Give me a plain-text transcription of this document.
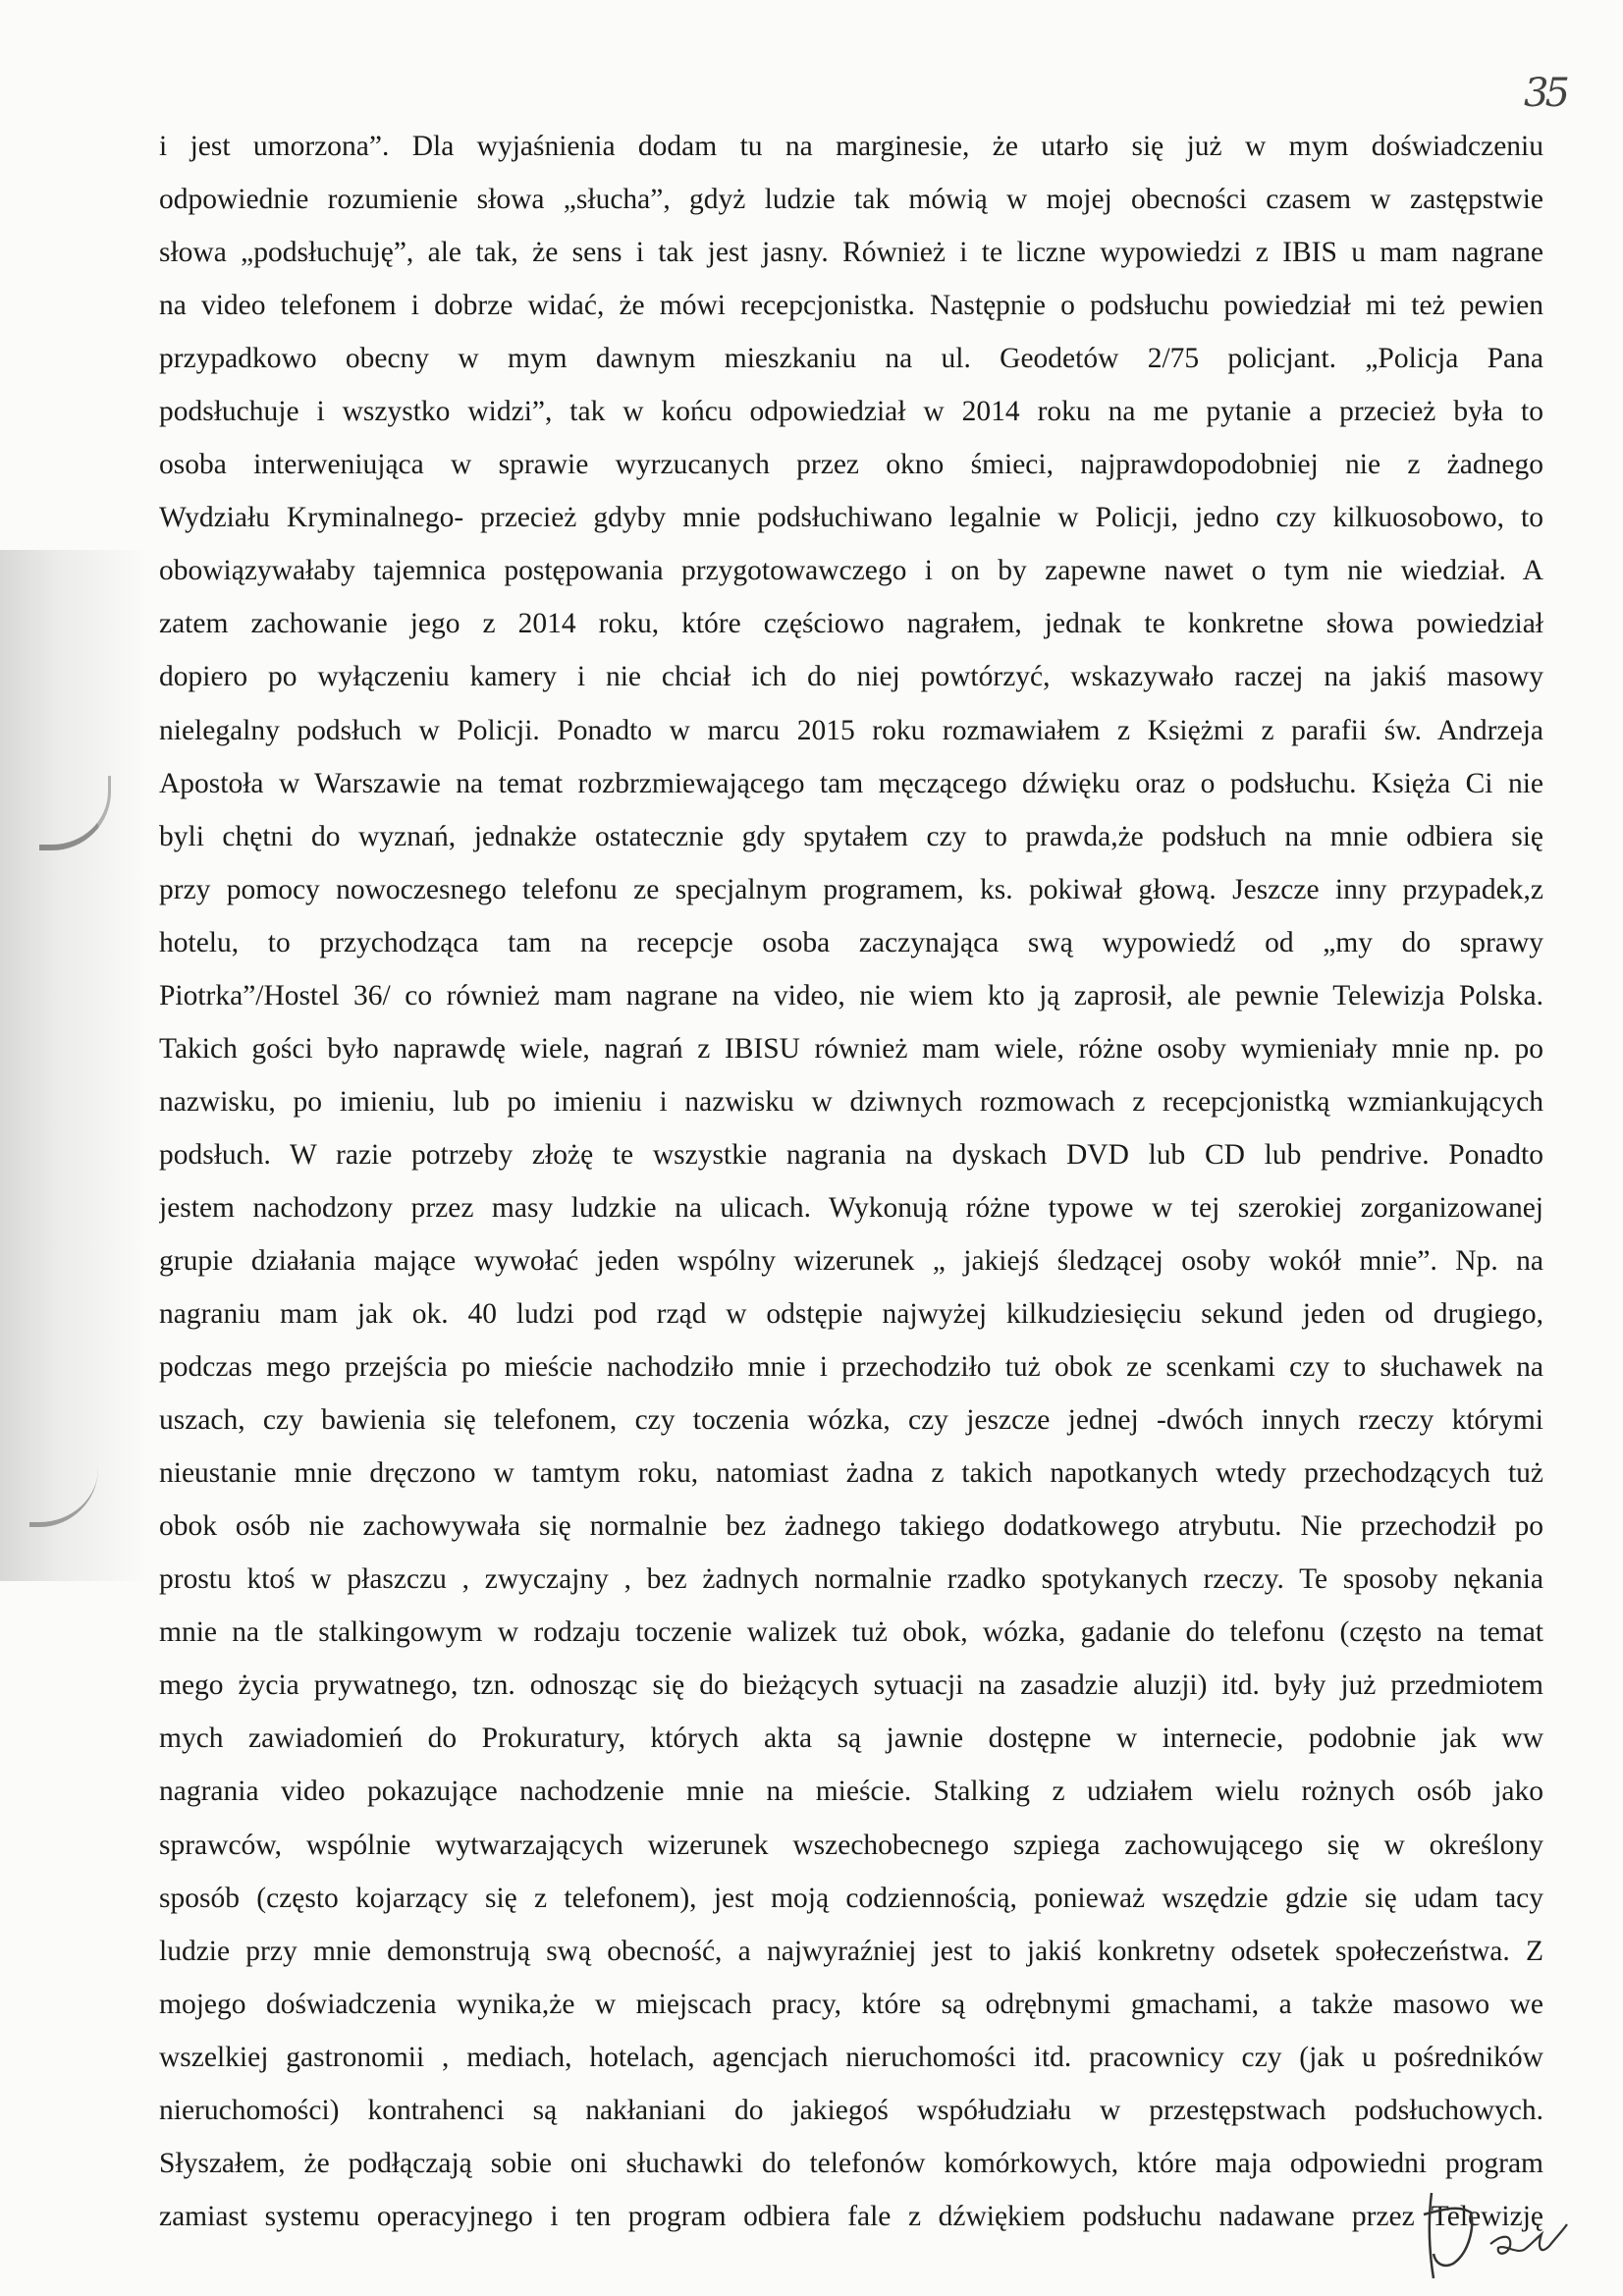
35
i jest umorzona”. Dla wyjaśnienia dodam tu na marginesie, że utarło się już w mym doświadczeniu
odpowiednie rozumienie słowa „słucha”, gdyż ludzie tak mówią w mojej obecności czasem w zastępstwie
słowa „podsłuchuję”, ale tak, że sens i tak jest jasny. Również i te liczne wypowiedzi z IBIS u mam nagrane
na video telefonem i dobrze widać, że mówi recepcjonistka. Następnie o podsłuchu powiedział mi też pewien
przypadkowo obecny w mym dawnym mieszkaniu na ul. Geodetów 2/75 policjant. „Policja Pana
podsłuchuje i wszystko widzi”, tak w końcu odpowiedział w 2014 roku na me pytanie a przecież była to
osoba interweniująca w sprawie wyrzucanych przez okno śmieci, najprawdopodobniej nie z żadnego
Wydziału Kryminalnego- przecież gdyby mnie podsłuchiwano legalnie w Policji, jedno czy kilkuosobowo, to
obowiązywałaby tajemnica postępowania przygotowawczego i on by zapewne nawet o tym nie wiedział. A
zatem zachowanie jego z 2014 roku, które częściowo nagrałem, jednak te konkretne słowa powiedział
dopiero po wyłączeniu kamery i nie chciał ich do niej powtórzyć, wskazywało raczej na jakiś masowy
nielegalny podsłuch w Policji. Ponadto w marcu 2015 roku rozmawiałem z Księżmi z parafii św. Andrzeja
Apostoła w Warszawie na temat rozbrzmiewającego tam męczącego dźwięku oraz o podsłuchu. Księża Ci nie
byli chętni do wyznań, jednakże ostatecznie gdy spytałem czy to prawda,że podsłuch na mnie odbiera się
przy pomocy nowoczesnego telefonu ze specjalnym programem, ks. pokiwał głową. Jeszcze inny przypadek,z
hotelu, to przychodząca tam na recepcje osoba zaczynająca swą wypowiedź od „my do sprawy
Piotrka”/Hostel 36/ co również mam nagrane na video, nie wiem kto ją zaprosił, ale pewnie Telewizja Polska.
Takich gości było naprawdę wiele, nagrań z IBISU również mam wiele, różne osoby wymieniały mnie np. po
nazwisku, po imieniu, lub po imieniu i nazwisku w dziwnych rozmowach z recepcjonistką wzmiankujących
podsłuch. W razie potrzeby złożę te wszystkie nagrania na dyskach DVD lub CD lub pendrive. Ponadto
jestem nachodzony przez masy ludzkie na ulicach. Wykonują różne typowe w tej szerokiej zorganizowanej
grupie działania mające wywołać jeden wspólny wizerunek „ jakiejś śledzącej osoby wokół mnie”. Np. na
nagraniu mam jak ok. 40 ludzi pod rząd w odstępie najwyżej kilkudziesięciu sekund jeden od drugiego,
podczas mego przejścia po mieście nachodziło mnie i przechodziło tuż obok ze scenkami czy to słuchawek na
uszach, czy bawienia się telefonem, czy toczenia wózka, czy jeszcze jednej -dwóch innych rzeczy którymi
nieustanie mnie dręczono w tamtym roku, natomiast żadna z takich napotkanych wtedy przechodzących tuż
obok osób nie zachowywała się normalnie bez żadnego takiego dodatkowego atrybutu. Nie przechodził po
prostu ktoś w płaszczu , zwyczajny , bez żadnych normalnie rzadko spotykanych rzeczy. Te sposoby nękania
mnie na tle stalkingowym w rodzaju toczenie walizek tuż obok, wózka, gadanie do telefonu (często na temat
mego życia prywatnego, tzn. odnosząc się do bieżących sytuacji na zasadzie aluzji) itd. były już przedmiotem
mych zawiadomień do Prokuratury, których akta są jawnie dostępne w internecie, podobnie jak ww
nagrania video pokazujące nachodzenie mnie na mieście. Stalking z udziałem wielu rożnych osób jako
sprawców, wspólnie wytwarzających wizerunek wszechobecnego szpiega zachowującego się w określony
sposób (często kojarzący się z telefonem), jest moją codziennością, ponieważ wszędzie gdzie się udam tacy
ludzie przy mnie demonstrują swą obecność, a najwyraźniej jest to jakiś konkretny odsetek społeczeństwa. Z
mojego doświadczenia wynika,że w miejscach pracy, które są odrębnymi gmachami, a także masowo we
wszelkiej gastronomii , mediach, hotelach, agencjach nieruchomości itd. pracownicy czy (jak u pośredników
nieruchomości) kontrahenci są nakłaniani do jakiegoś współudziału w przestępstwach podsłuchowych.
Słyszałem, że podłączają sobie oni słuchawki do telefonów komórkowych, które maja odpowiedni program
zamiast systemu operacyjnego i ten program odbiera fale z dźwiękiem podsłuchu nadawane przez Telewizję
